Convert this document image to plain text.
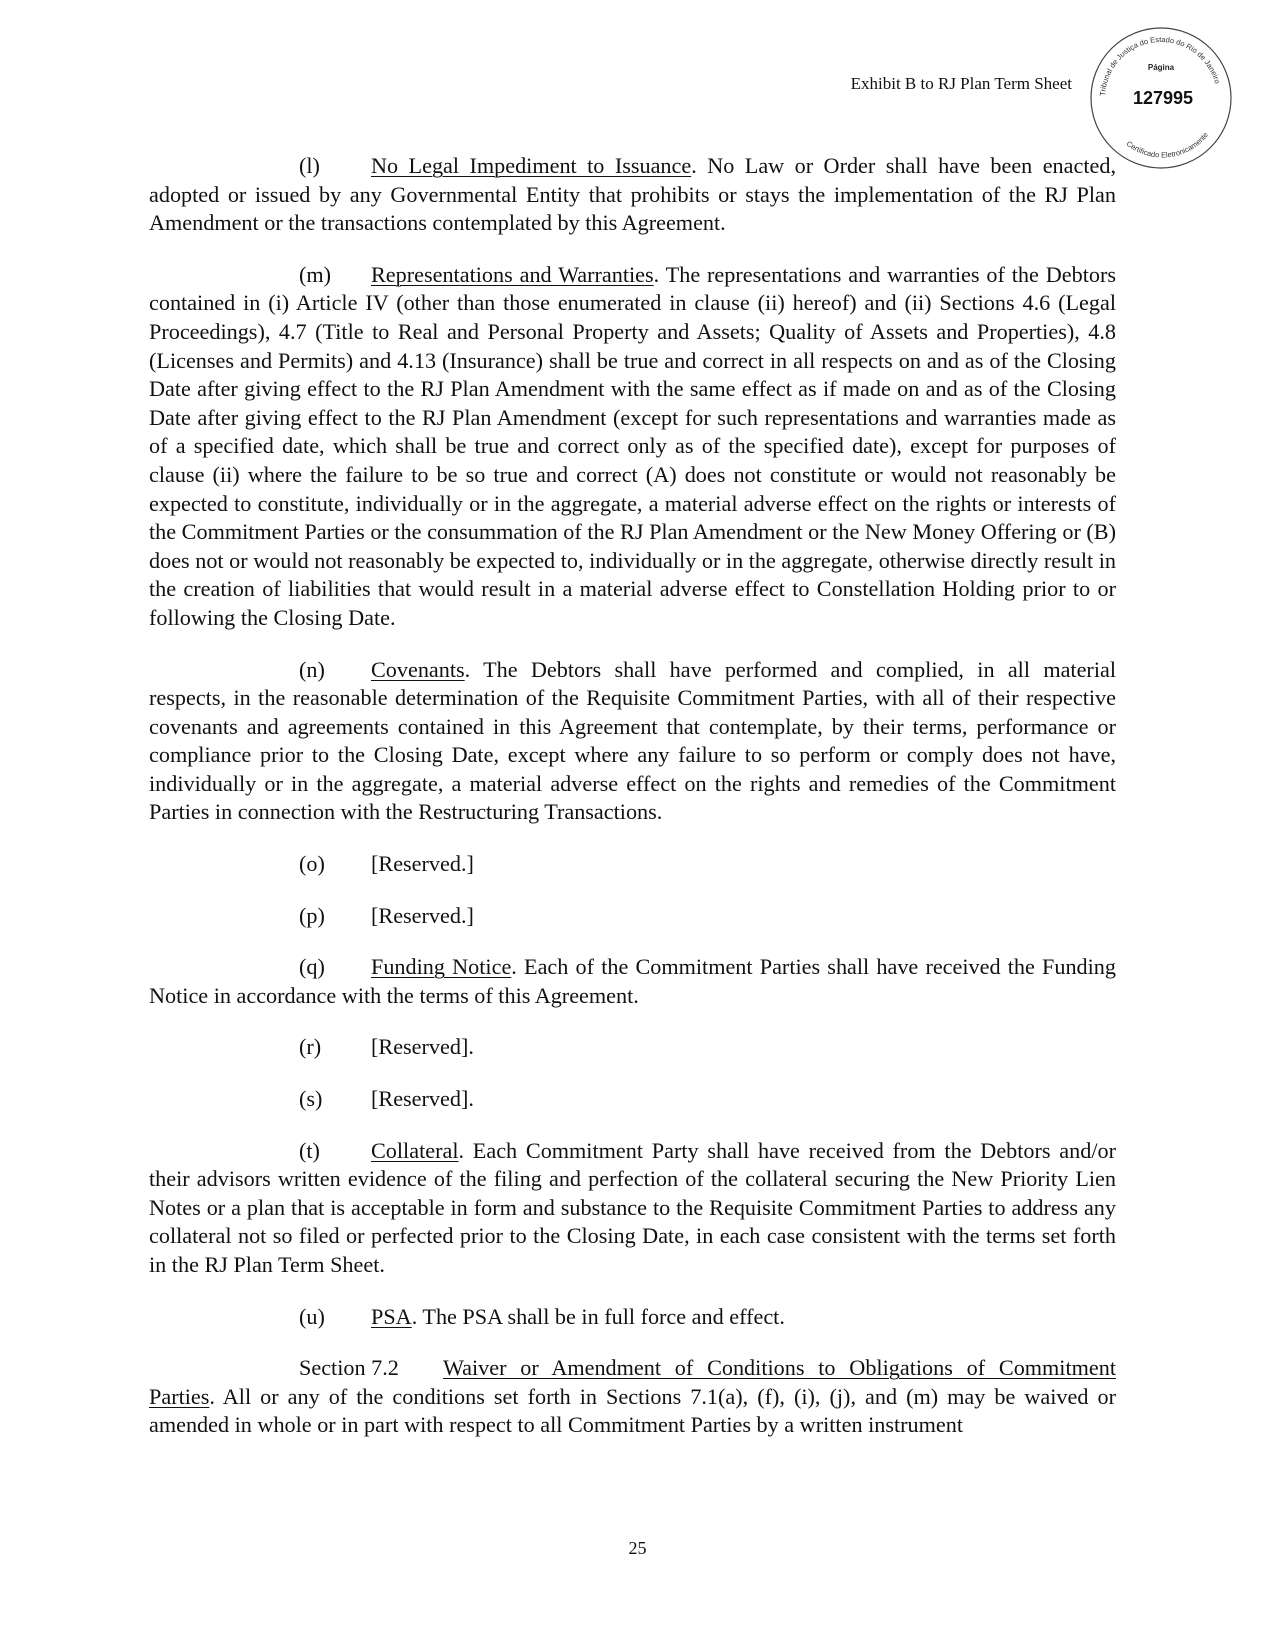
Exhibit B to RJ Plan Term Sheet
Tribunal de Justiça do Estado do Rio de Janeiro
Certificado Eletronicamente
Página
127995

(l) No Legal Impediment to Issuance. No Law or Order shall have been enacted, adopted or issued by any Governmental Entity that prohibits or stays the implementation of the RJ Plan Amendment or the transactions contemplated by this Agreement.

(m) Representations and Warranties. The representations and warranties of the Debtors contained in (i) Article IV (other than those enumerated in clause (ii) hereof) and (ii) Sections 4.6 (Legal Proceedings), 4.7 (Title to Real and Personal Property and Assets; Quality of Assets and Properties), 4.8 (Licenses and Permits) and 4.13 (Insurance) shall be true and correct in all respects on and as of the Closing Date after giving effect to the RJ Plan Amendment with the same effect as if made on and as of the Closing Date after giving effect to the RJ Plan Amendment (except for such representations and warranties made as of a specified date, which shall be true and correct only as of the specified date), except for purposes of clause (ii) where the failure to be so true and correct (A) does not constitute or would not reasonably be expected to constitute, individually or in the aggregate, a material adverse effect on the rights or interests of the Commitment Parties or the consummation of the RJ Plan Amendment or the New Money Offering or (B) does not or would not reasonably be expected to, individually or in the aggregate, otherwise directly result in the creation of liabilities that would result in a material adverse effect to Constellation Holding prior to or following the Closing Date.

(n) Covenants. The Debtors shall have performed and complied, in all material respects, in the reasonable determination of the Requisite Commitment Parties, with all of their respective covenants and agreements contained in this Agreement that contemplate, by their terms, performance or compliance prior to the Closing Date, except where any failure to so perform or comply does not have, individually or in the aggregate, a material adverse effect on the rights and remedies of the Commitment Parties in connection with the Restructuring Transactions.

(o) [Reserved.]

(p) [Reserved.]

(q) Funding Notice. Each of the Commitment Parties shall have received the Funding Notice in accordance with the terms of this Agreement.

(r) [Reserved].

(s) [Reserved].

(t) Collateral. Each Commitment Party shall have received from the Debtors and/or their advisors written evidence of the filing and perfection of the collateral securing the New Priority Lien Notes or a plan that is acceptable in form and substance to the Requisite Commitment Parties to address any collateral not so filed or perfected prior to the Closing Date, in each case consistent with the terms set forth in the RJ Plan Term Sheet.

(u) PSA. The PSA shall be in full force and effect.

Section 7.2 Waiver or Amendment of Conditions to Obligations of Commitment Parties. All or any of the conditions set forth in Sections 7.1(a), (f), (i), (j), and (m) may be waived or amended in whole or in part with respect to all Commitment Parties by a written instrument

25
